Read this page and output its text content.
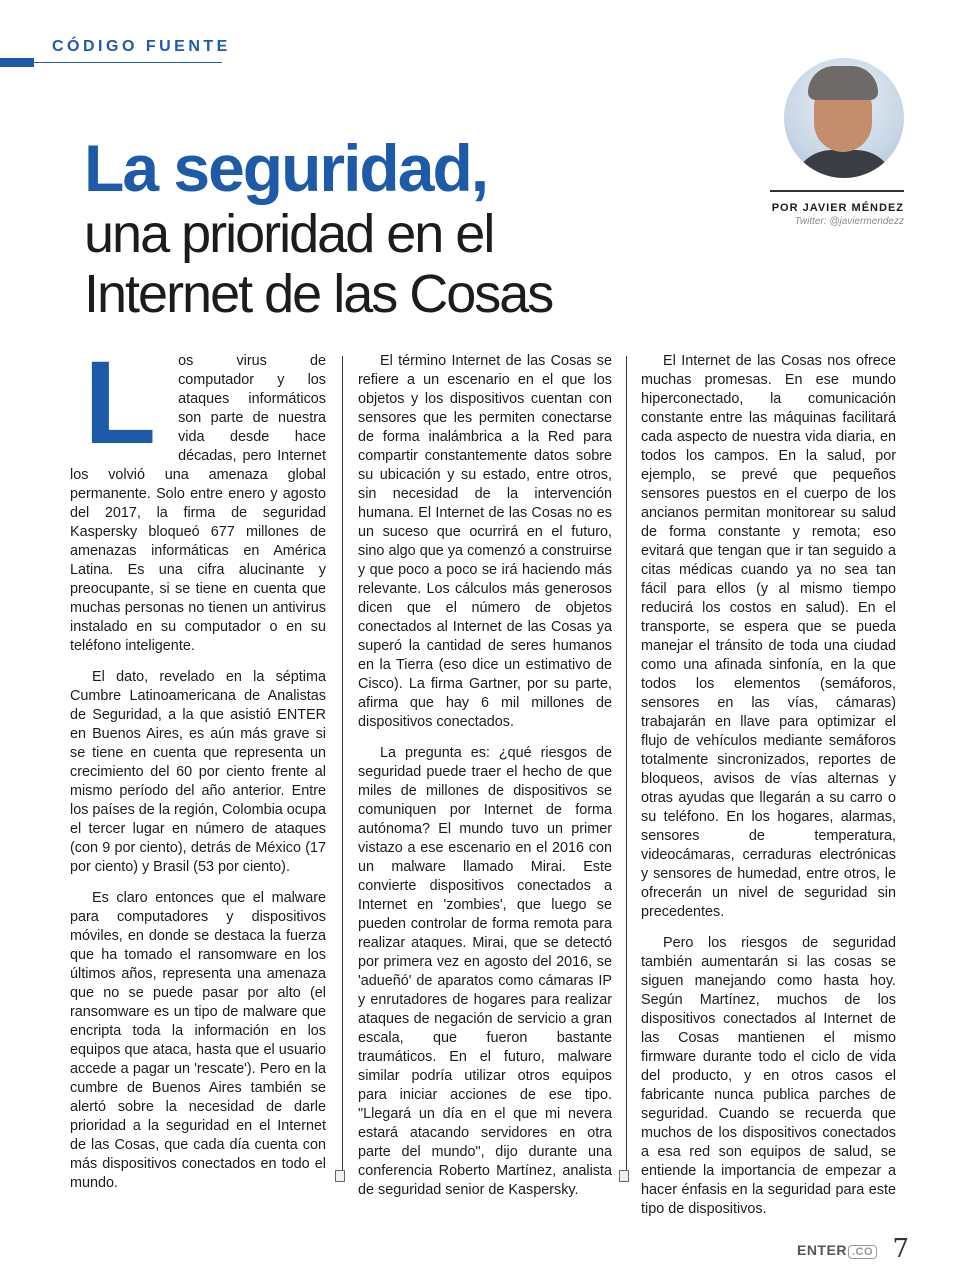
CÓDIGO FUENTE
La seguridad,
una prioridad en el
Internet de las Cosas
POR JAVIER MÉNDEZ
Twitter: @javiermendezz
L	os virus de computador y los ataques informáticos son parte de nuestra vida desde hace décadas, pero Internet los volvió una amenaza global permanente. Solo entre enero y agosto del 2017, la firma de seguridad Kaspersky bloqueó 677 millones de amenazas informáticas en América Latina. Es una cifra alucinante y preocupante, si se tiene en cuenta que muchas personas no tienen un antivirus instalado en su computador o en su teléfono inteligente.

El dato, revelado en la séptima Cumbre Latinoamericana de Analistas de Seguridad, a la que asistió ENTER en Buenos Aires, es aún más grave si se tiene en cuenta que representa un crecimiento del 60 por ciento frente al mismo período del año anterior. Entre los países de la región, Colombia ocupa el tercer lugar en número de ataques (con 9 por ciento), detrás de México (17 por ciento) y Brasil (53 por ciento).

Es claro entonces que el malware para computadores y dispositivos móviles, en donde se destaca la fuerza que ha tomado el ransomware en los últimos años, representa una amenaza que no se puede pasar por alto (el ransomware es un tipo de malware que encripta toda la información en los equipos que ataca, hasta que el usuario accede a pagar un 'rescate'). Pero en la cumbre de Buenos Aires también se alertó sobre la necesidad de darle prioridad a la seguridad en el Internet de las Cosas, que cada día cuenta con más dispositivos conectados en todo el mundo.

El término Internet de las Cosas se refiere a un escenario en el que los objetos y los dispositivos cuentan con sensores que les permiten conectarse de forma inalámbrica a la Red para compartir constantemente datos sobre su ubicación y su estado, entre otros, sin necesidad de la intervención humana. El Internet de las Cosas no es un suceso que ocurrirá en el futuro, sino algo que ya comenzó a construirse y que poco a poco se irá haciendo más relevante. Los cálculos más generosos dicen que el número de objetos conectados al Internet de las Cosas ya superó la cantidad de seres humanos en la Tierra (eso dice un estimativo de Cisco). La firma Gartner, por su parte, afirma que hay 6 mil millones de dispositivos conectados.

La pregunta es: ¿qué riesgos de seguridad puede traer el hecho de que miles de millones de dispositivos se comuniquen por Internet de forma autónoma? El mundo tuvo un primer vistazo a ese escenario en el 2016 con un malware llamado Mirai. Este convierte dispositivos conectados a Internet en 'zombies', que luego se pueden controlar de forma remota para realizar ataques. Mirai, que se detectó por primera vez en agosto del 2016, se 'adueñó' de aparatos como cámaras IP y enrutadores de hogares para realizar ataques de negación de servicio a gran escala, que fueron bastante traumáticos. En el futuro, malware similar podría utilizar otros equipos para iniciar acciones de ese tipo. "Llegará un día en el que mi nevera estará atacando servidores en otra parte del mundo", dijo durante una conferencia Roberto Martínez, analista de seguridad senior de Kaspersky.

El Internet de las Cosas nos ofrece muchas promesas. En ese mundo hiperconectado, la comunicación constante entre las máquinas facilitará cada aspecto de nuestra vida diaria, en todos los campos. En la salud, por ejemplo, se prevé que pequeños sensores puestos en el cuerpo de los ancianos permitan monitorear su salud de forma constante y remota; eso evitará que tengan que ir tan seguido a citas médicas cuando ya no sea tan fácil para ellos (y al mismo tiempo reducirá los costos en salud). En el transporte, se espera que se pueda manejar el tránsito de toda una ciudad como una afinada sinfonía, en la que todos los elementos (semáforos, sensores en las vías, cámaras) trabajarán en llave para optimizar el flujo de vehículos mediante semáforos totalmente sincronizados, reportes de bloqueos, avisos de vías alternas y otras ayudas que llegarán a su carro o su teléfono. En los hogares, alarmas, sensores de temperatura, videocámaras, cerraduras electrónicas y sensores de humedad, entre otros, le ofrecerán un nivel de seguridad sin precedentes.

Pero los riesgos de seguridad también aumentarán si las cosas se siguen manejando como hasta hoy. Según Martínez, muchos de los dispositivos conectados al Internet de las Cosas mantienen el mismo firmware durante todo el ciclo de vida del producto, y en otros casos el fabricante nunca publica parches de seguridad. Cuando se recuerda que muchos de los dispositivos conectados a esa red son equipos de salud, se entiende la importancia de empezar a hacer énfasis en la seguridad para este tipo de dispositivos.

ENTER .CO 7
